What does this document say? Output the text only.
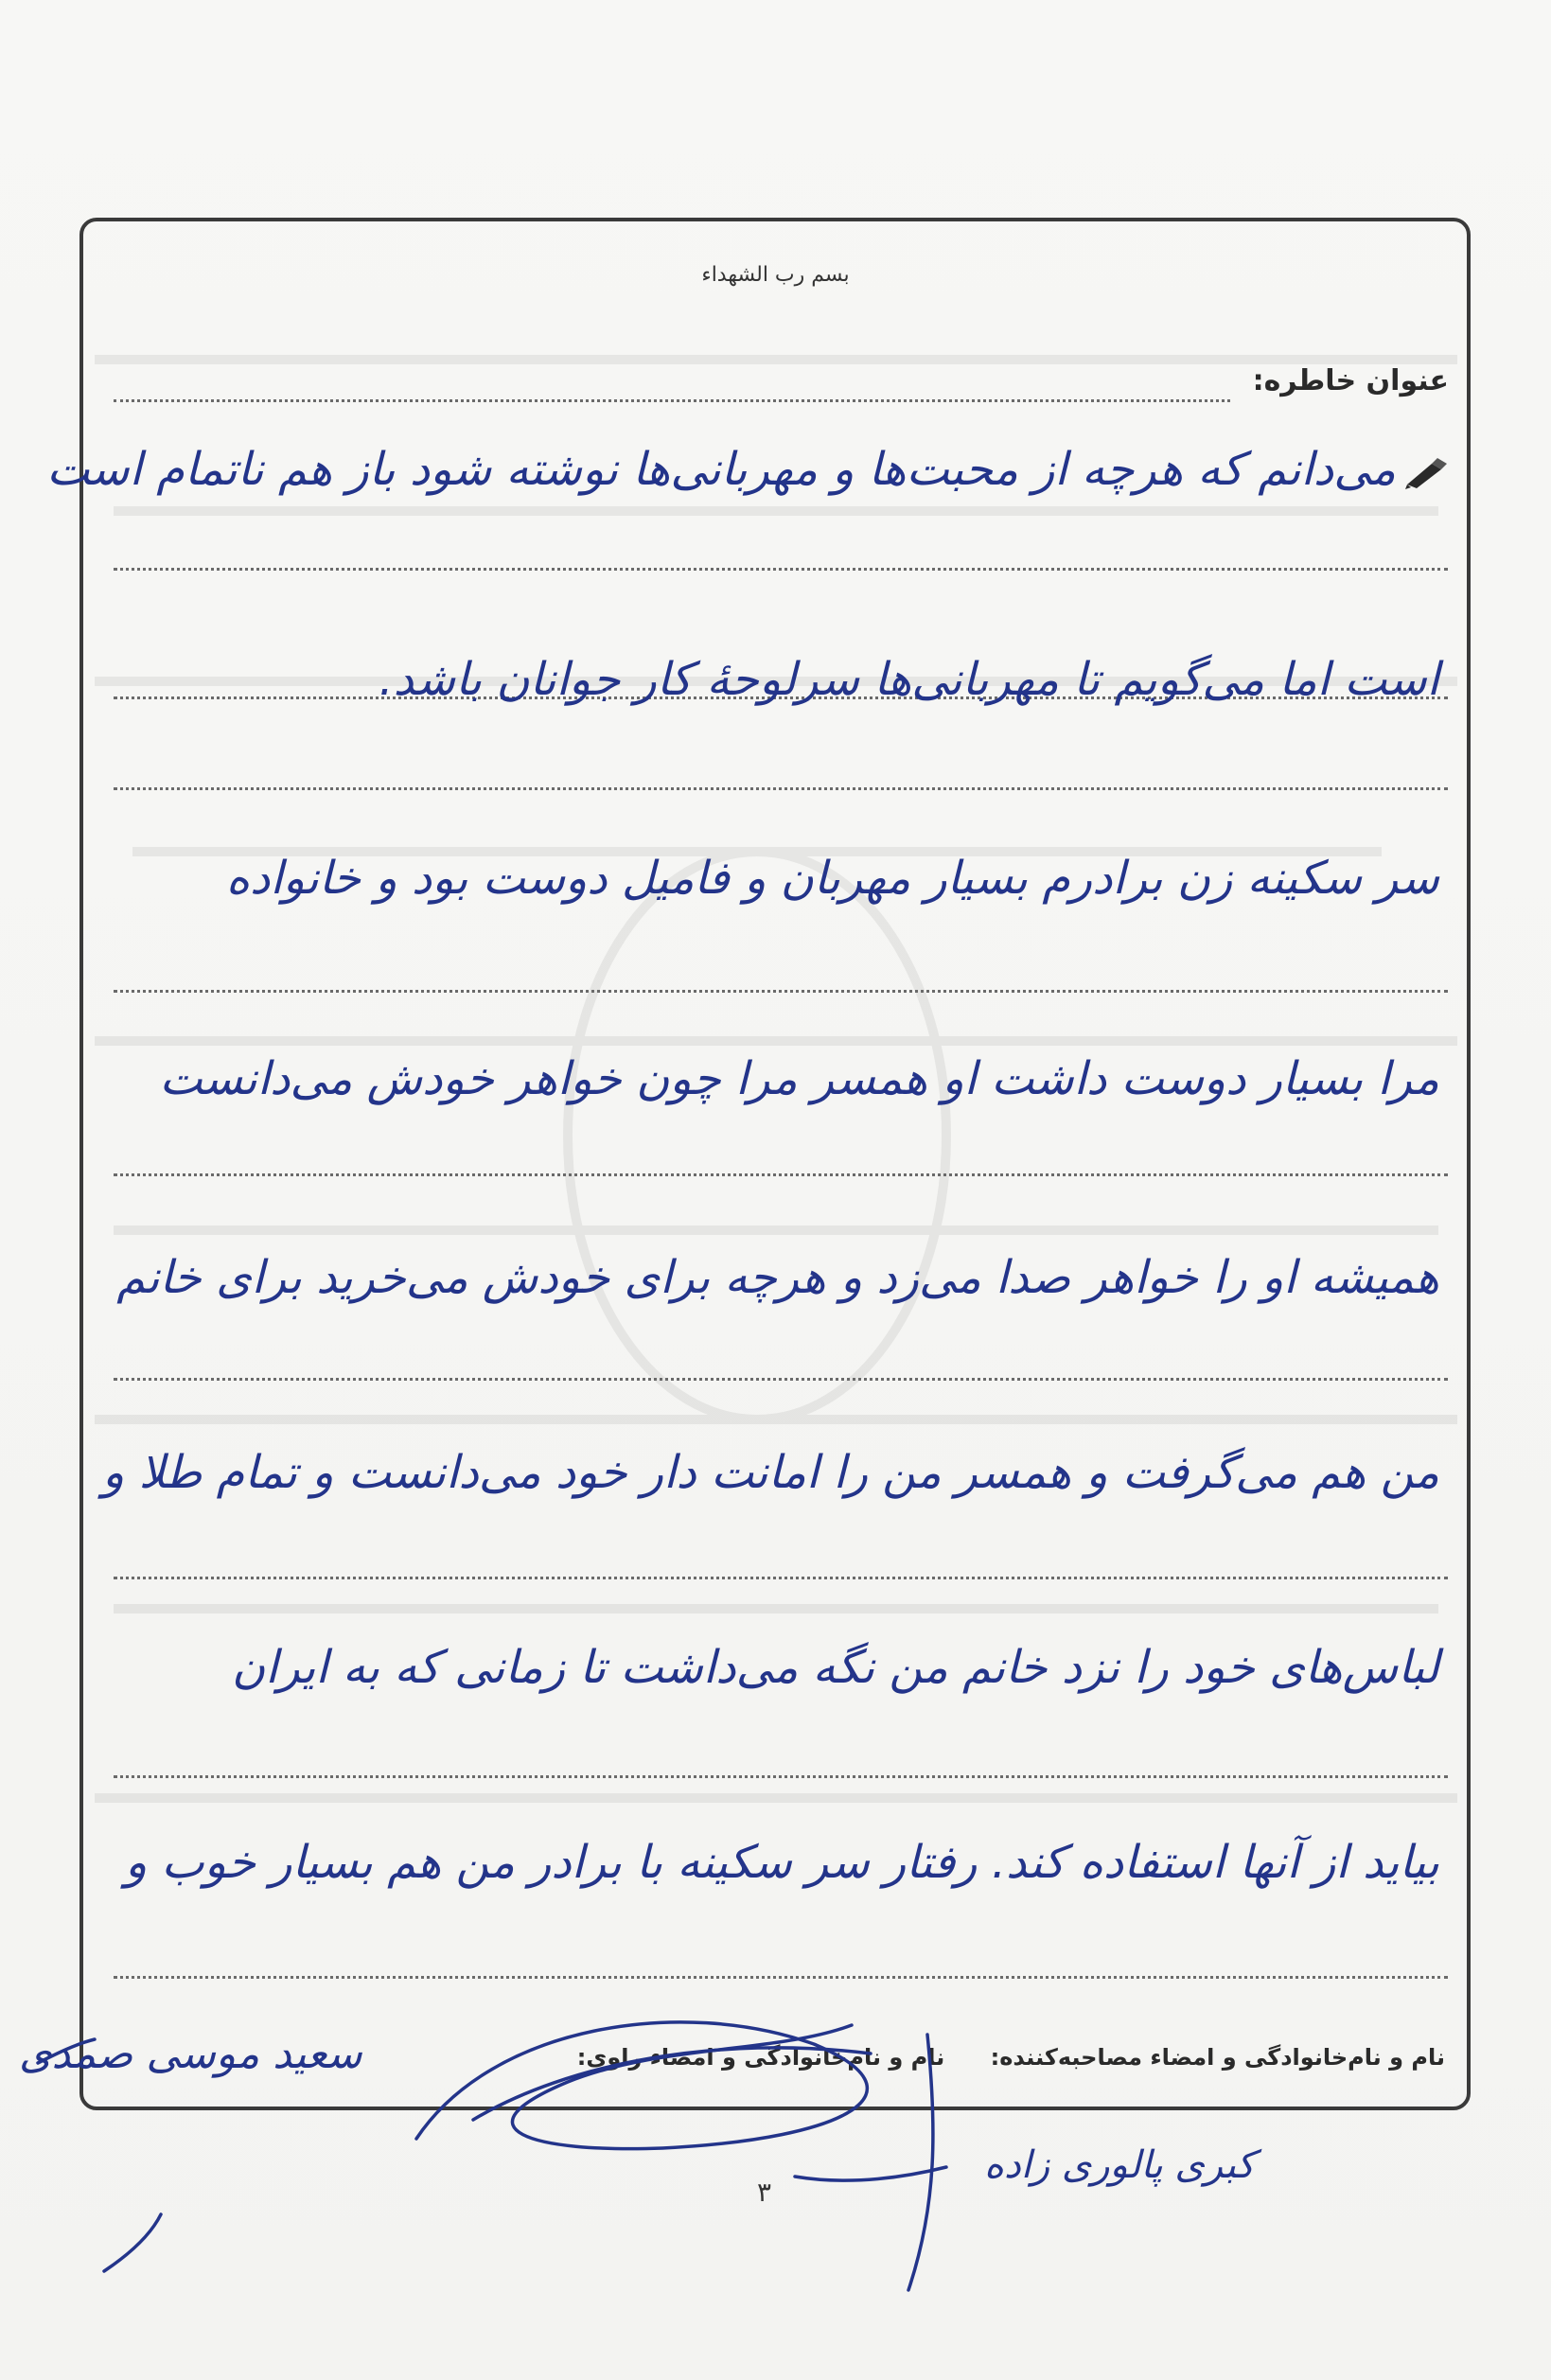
بسم رب الشهداء
عنوان خاطره:
می‌دانم که هرچه از محبت‌ها و مهربانی‌ها نوشته شود باز هم ناتمام است
است اما می‌گویم تا مهربانی‌ها سرلوحهٔ کار جوانان باشد.
سر سکینه زن برادرم بسیار مهربان و فامیل دوست بود و خانواده
مرا بسیار دوست داشت او همسر مرا چون خواهر خودش می‌دانست
همیشه او را خواهر صدا می‌زد و هرچه برای خودش می‌خرید برای خانم
من هم می‌گرفت و همسر من را امانت دار خود می‌دانست و تمام طلا و
لباس‌های خود را نزد خانم من نگه می‌داشت تا زمانی که به ایران
بیاید از آنها استفاده کند. رفتار سر سکینه با برادر من هم بسیار خوب و
نام و نام‌خانوادگی و امضاء مصاحبه‌کننده: نام و نام‌خانوادگی و امضاء راوی:
سعید موسی صمدی
کبری پالوری زاده
۳
